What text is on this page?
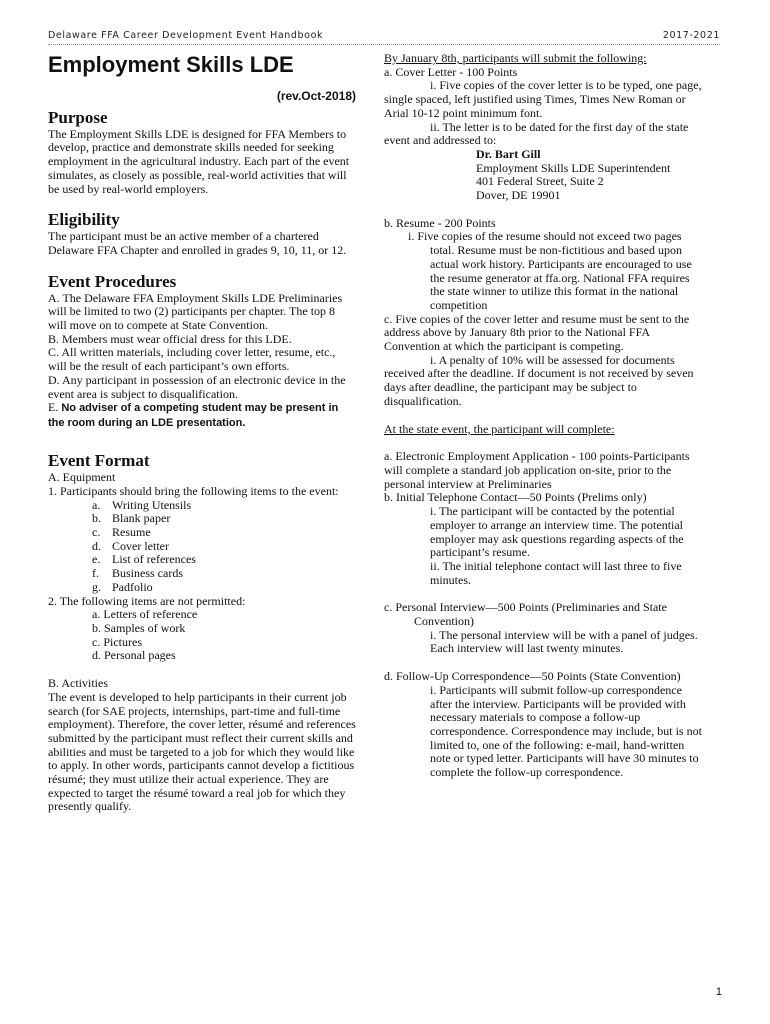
Delaware FFA Career Development Event Handbook	2017-2021
Employment Skills LDE
(rev.Oct-2018)
Purpose

The Employment Skills LDE is designed for FFA Members to develop, practice and demonstrate skills needed for seeking employment in the agricultural industry. Each part of the event simulates, as closely as possible, real-world activities that will be used by real-world employers.

Eligibility

The participant must be an active member of a chartered Delaware FFA Chapter and enrolled in grades 9, 10, 11, or 12.

Event Procedures

A. The Delaware FFA Employment Skills LDE Preliminaries will be limited to two (2) participants per chapter. The top 8 will move on to compete at State Convention.

B. Members must wear official dress for this LDE.

C. All written materials, including cover letter, resume, etc., will be the result of each participant’s own efforts.

D. Any participant in possession of an electronic device in the event area is subject to disqualification.

E. No adviser of a competing student may be present in the room during an LDE presentation.

Event Format

A. Equipment

1. Participants should bring the following items to the event:

a. Writing Utensils
b. Blank paper
c. Resume
d. Cover letter
e. List of references
f. Business cards
g. Padfolio

2. The following items are not permitted:

a. Letters of reference
b. Samples of work
c. Pictures
d. Personal pages

B. Activities

The event is developed to help participants in their current job search (for SAE projects, internships, part-time and full-time employment). Therefore, the cover letter, résumé and references submitted by the participant must reflect their current skills and abilities and must be targeted to a job for which they would like to apply. In other words, participants cannot develop a fictitious résumé; they must utilize their actual experience. They are expected to target the résumé toward a real job for which they presently qualify.

By January 8th, participants will submit the following:

a. Cover Letter - 100 Points

i. Five copies of the cover letter is to be typed, one page, single spaced, left justified using Times, Times New Roman or Arial 10-12 point minimum font.

ii. The letter is to be dated for the first day of the state event and addressed to:

Dr. Bart Gill

Employment Skills LDE Superintendent

401 Federal Street, Suite 2

Dover, DE 19901

b. Resume - 200 Points

i. Five copies of the resume should not exceed two pages total. Resume must be non-fictitious and based upon actual work history. Participants are encouraged to use the resume generator at ffa.org. National FFA requires the state winner to utilize this format in the national competition

c. Five copies of the cover letter and resume must be sent to the address above by January 8th prior to the National FFA Convention at which the participant is competing.

i. A penalty of 10% will be assessed for documents received after the deadline. If document is not received by seven days after deadline, the participant may be subject to disqualification.

At the state event, the participant will complete:

a. Electronic Employment Application - 100 points-Participants will complete a standard job application on-site, prior to the personal interview at Preliminaries

b. Initial Telephone Contact—50 Points (Prelims only)

i. The participant will be contacted by the potential employer to arrange an interview time. The potential employer may ask questions regarding aspects of the participant’s resume.

ii. The initial telephone contact will last three to five minutes.

c. Personal Interview—500 Points (Preliminaries and State

Convention)

i. The personal interview will be with a panel of judges. Each interview will last twenty minutes.

d. Follow-Up Correspondence—50 Points (State Convention)

i. Participants will submit follow-up correspondence after the interview. Participants will be provided with necessary materials to compose a follow-up correspondence. Correspondence may include, but is not limited to, one of the following: e-mail, hand-written note or typed letter. Participants will have 30 minutes to complete the follow-up correspondence.

1
